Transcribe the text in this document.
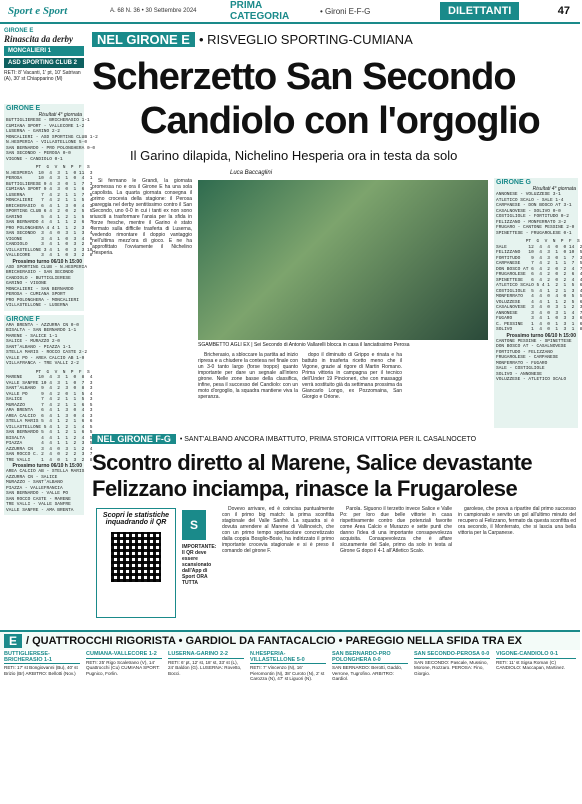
Sport e Sport	A. 68 N. 36 • 30 Settembre 2024	PRIMA CATEGORIA	• Gironi E-F-G	DILETTANTI	47
GIRONE E
Rinascita da derby
MONCALIERI 1
ASD SPORTING CLUB 2
RETI: 8' Vacanti, 1' pt, 10' Satrivan (A), 30' st Chiapparino (M)
GIRONE E
Risultati 4° giornata
BUTTIGLIERESE - BRICHERASIO 1-1
CUMIANA SPORT - VALLECORE 1-2
LUSERNA - GARINO 2-2
MONCALIERI - ASD SPORTING CLUB 1-2
N.HESPERIA - VILLASTELLONE 5-0
SAN BERNARDO - PRO POLONGHERA 0-0
SAN SECONDO - PEROSA 0-0
VIGONE - CANDIOLO 0-1
PT  G  V  N  P  F  S
N.HESPERIA  10  4  3  1  0 11  3
PEROSA      10  4  3  1  0  4  1
BUTTIGLIERESE 9 4  3  0  1  7  3
CUMIANA SPORT 9 4  3  0  1  6  3
LUSERNA      7  4  2  1  1  7  5
MONCALIERI   7  4  2  1  1  5  4
BRICHERASIO  6  4  1  3  0  4  3
SPORTING CLUB 6 4  2  0  2  5  5
GARINO       5  4  1  2  1  5  5
SAN BERNARDO 4  4  1  1  2  6  7
PRO POLONGHERA 4 4 1  1  2  3  4
SAN SECONDO  3  4  0  3  1  3  4
VIGONE       3  4  1  0  3  4  6
CANDIOLO     3  4  1  0  3  2  6
VILLASTELLONE 3 4  1  0  3  3 10
VALLECORE    3  4  1  0  3  2  8
Prossimo turno 06/10 h 15:00
ASD SPORTING CLUB - N.HESPERIA
BRICHERASIO - SAN SECONDO
CANDIOLO - BUTTIGLIERESE
GARINO - VIGONE
MONCALIERI - SAN BERNARDO
PEROSA - CUMIANA SPORT
PRO POLONGHERA - MONCALIERI
VILLASTELLONE - LUSERNA
GIRONE F
AMA BRENTA - AZZURRA CN 0-0
BISALTA - SAN BERNARDO 1-1
MARENE - SALICE 1-1
SALICE - MURAZZO 2-0
SANT'ALBANO - PIAZZA 1-1
STELLA MARIS - ROCCO CASTE 2-2
VALLE PO - AREA CALCIO AB 1-0
VILLAFRANCA - TRE VALLI 2-2
PT  G  V  N  P  F  S
MARENE      10  4  3  1  0  8  4
VALLE SANFRE 10 4  3  1  0  7  3
SANT'ALBANO  9  4  2  3  0  8  3
VALLE PO     9  4  2  0  1  5  4
SALICE       7  4  2  1  1  5  3
MURAZZO      7  4  2  1  1  6  5
AMA BRENTA   6  4  1  3  0  4  3
AREA CALCIO  6  4  1  3  0  4  3
STELLA MARIS 5  4  1  2  1  6  6
VILLASTELLONE 5 4  1  2  1  4  5
SAN BERNARDO 5  4  1  2  1  6  5
BISALTA      4  4  1  1  2  4
PIAZZA       4  4  1  1  2  3
AZZURRA CN   3  4  0  3  1  2  4
SAN ROCCO C. 2  4  0  2  2  3  7
TRE VALLI    1  4  0  1  3  2  8
Prossimo turno 06/10 h 15:00
AREA CALCIO AB - STELLA MARIS
AZZURRA CN - SALICE
MURAZZO - SANT'ALBANO
PIAZZA - VALLEFRANCIA
SAN BERNARDO - VALLE PO
SAN ROCCO CASTE - MARENE
TRE VALLI - VALLE SANFRE
VALLE SANFRE - AMA BRENTA
NEL GIRONE E • RISVEGLIO SPORTING-CUMIANA
Scherzetto San Secondo
Candiolo con l'orgoglio
Il Garino dilapida, Nichelino Hesperia ora in testa da solo
Luca Baccaglini

Si fermano le Grandi, la giornata promessa no e ora il Girone E ha una sola capolista. La quarta giornata consegna il primo crocevia della stagione: il Perosa pareggia nel derby sentitissimo contro il San Secondo, uno 0-0 in cui i tanti ex non sono riusciti a trasformare l'ansia per la sfida in forze fresche, mentre il Garino è stato fermato sulla difficile trasferta di Luserna, vedendo rimontare il doppio vantaggio nell'ultima mezz'ora di gioco. E ne ha approfittato l'ovviamente il Nichelino Hesperia.

SGAMBETTO AGLI EX | Sei Secondo di Antonio Vallarelli blocca in casa il lanciatissimo Perosa

Bricherasio, a sbloccare la partita ad inizio ripresa e a chiudere la contesa nel finale con un 3-0 tanto largo (forse troppo) quanto importante per dare un segnale all'intero girone. Nelle zone basse della classifica, infine, pesa il successo del Candiolo: con un moto d'orgoglio, la squadra mantiene viva la speranza.

dopo il diminuito di Grippo e rinata e ha battuto in trasferta ricetto meno che il Vigone, grazie al rigore di Martin Romano. Prima vittoria in campagna per il tecnico dell'Under 19 Pincioneri, che con massaggi verrà sostituito già da settimana prossima da Giancarlo Longo, ex Pozzomaina, San Giorgio e Orione.

GIRONE G
Risultati 4° giornata
ANNONESE - VOLUZZESE 3-1
ATLETICO SCALO - SALE 1-4
CARPANESE - DON BOSCO AT 3-1
CASALNOVESE - SOLIVO 0-0
COSTIGLIOLE - FORTITUDO 0-2
FELIZZANO - MONFERRATO 3-2
FRUGARO - CANTONE PESSINE 2-0
SPINETTESE - FRUGAROLESE 0-1
PT  G  V  N  P  F  S
SALE        12  4  4  0  0 14  2
FELIZZANO   10  4  3  1  0 10  5
FORTITUDO    9  4  3  0  1  7  3
CARPANESE    7  4  2  1  1  7  5
DON BOSCO AT 6  4  2  0  2  4  7
FRUGAROLESE  6  4  2  0  2  6  4
SPINETTESE   6  4  2  0  2  4  4
ATLETICO SCALO 5 4 1  2  1  5  6
COSTIGLIOLE  5  4  1  2  1  3  4
MONFERRATO   4  4  0  4  0  5  5
VOLUZZESE    4  4  1  1  2  5  6
CASALNOVESE  3  4  0  3  1  2  3
ANNONESE     3  4  0  3  1  4  7
FUGARO       3  4  1  0  3  3  6
C. PESSINE   1  4  0  1  3  1  6
SOLIVO       1  4  0  1  3  1  8
Prossimo turno 06/10 h 15:00
CANTONE PESSINE - SPINETTESE
DON BOSCO AT - CASALNOVESE
FORTITUDO - FELIZZANO
FRUGAROLESE - CARPANESE
MONFERRATO - FUGARO
SALE - COSTIGLIOLE
SOLIVO - ANNONESE
VOLUZZESE - ATLETICO SCALO
NEL GIRONE F-G	• SANT'ALBANO ANCORA IMBATTUTO, PRIMA STORICA VITTORIA PER IL CASALNOCETO
Scontro diretto al Marene, Salice devastante
Felizzano inciampa, rinasce la Frugarolese
Scopri le statistiche inquadrando il QR	S
IMPORTANTE:
Il QR deve essere scansionato dall'App di Sport ORA TUTTA

Dovevo arrivare, ed è coincisa puntualmente con il primo big match: la prima sconfitta stagionale del Valle Sanfrè. La squadra si è dovuta arrendere al Marene di Vallinovich, che con un primo tempo spettacolare concretizzato dalla coppia Bosglio-Bosio, ha indirizzato il primo importante crocevia stagionale e si è preso il comando del girone F.

Parola. Siguono il terzetto invece Salice e Valle Po: per loro due belle vittorie in casa rispettivamente contro due potenziali favorite come Area Calcio e Murazzo e sette punti che danno l'idea di una importante consapevolezza acquisita. Consapevolezza che è affare sicuramente del Sale, primo da solo in testa al Girone G dopo il 4-1 all'Atletico Scalo.

garolese, che prova a ripartire dal primo successo in campionato e servito un gol all'ultimo minuto del recupero al Felizzano, fermato da questa sconfitta ed ora secondo, il Monferrato, che si lascia una bella vittoria per la Carpanese.

E / QUATTROCCHI RIGORISTA • GARDIOL DA FANTACALCIO • PAREGGIO NELLA SFIDA TRA EX
BUTTIGLIERESE-BRICHERASIO 1-1
RETI: 17' st Bongiovanni (Bu), 40' st Brizio (Br) ARBITRO: Bellotti (Nov.)
CUMIANA-VALLECORE 1-2
RETI: 25' Rigo Scaletrano (V), 14' Quattrocchi (Cu) CUMIANA SPORT: Pugnico, Forlin.
LUSERNA-GARINO 2-2
RETI: 6' pt, 12' st, 18' st, 33' st (L), 24' Baldon (G). LUSERNA: Rovetto, Bocci.
N.HESPERIA-VILLASTELLONE 5-0
RETI: 7' Vincenzo (N), 16' Pieromontin (N), 38' Curoto (N), 2' st Carozza (N), 47' st Liguori (N).
SAN BERNARDO-PRO POLONGHERA 0-0
SAN BERNARDO: Berotti, Gaddo, Verrone, Tugrofino. ARBITRO: Gardiol.
SAN SECONDO-PEROSA 0-0
SAN SECONDO: Pascale, Mussino, Morone, Rozzaro. PEROSA: Fino, Giorgio.
VIGONE-CANDIOLO 0-1
RETI: 11' st Sigsa Roman (C) CANDIOLO: Maccapan, Martinez.
